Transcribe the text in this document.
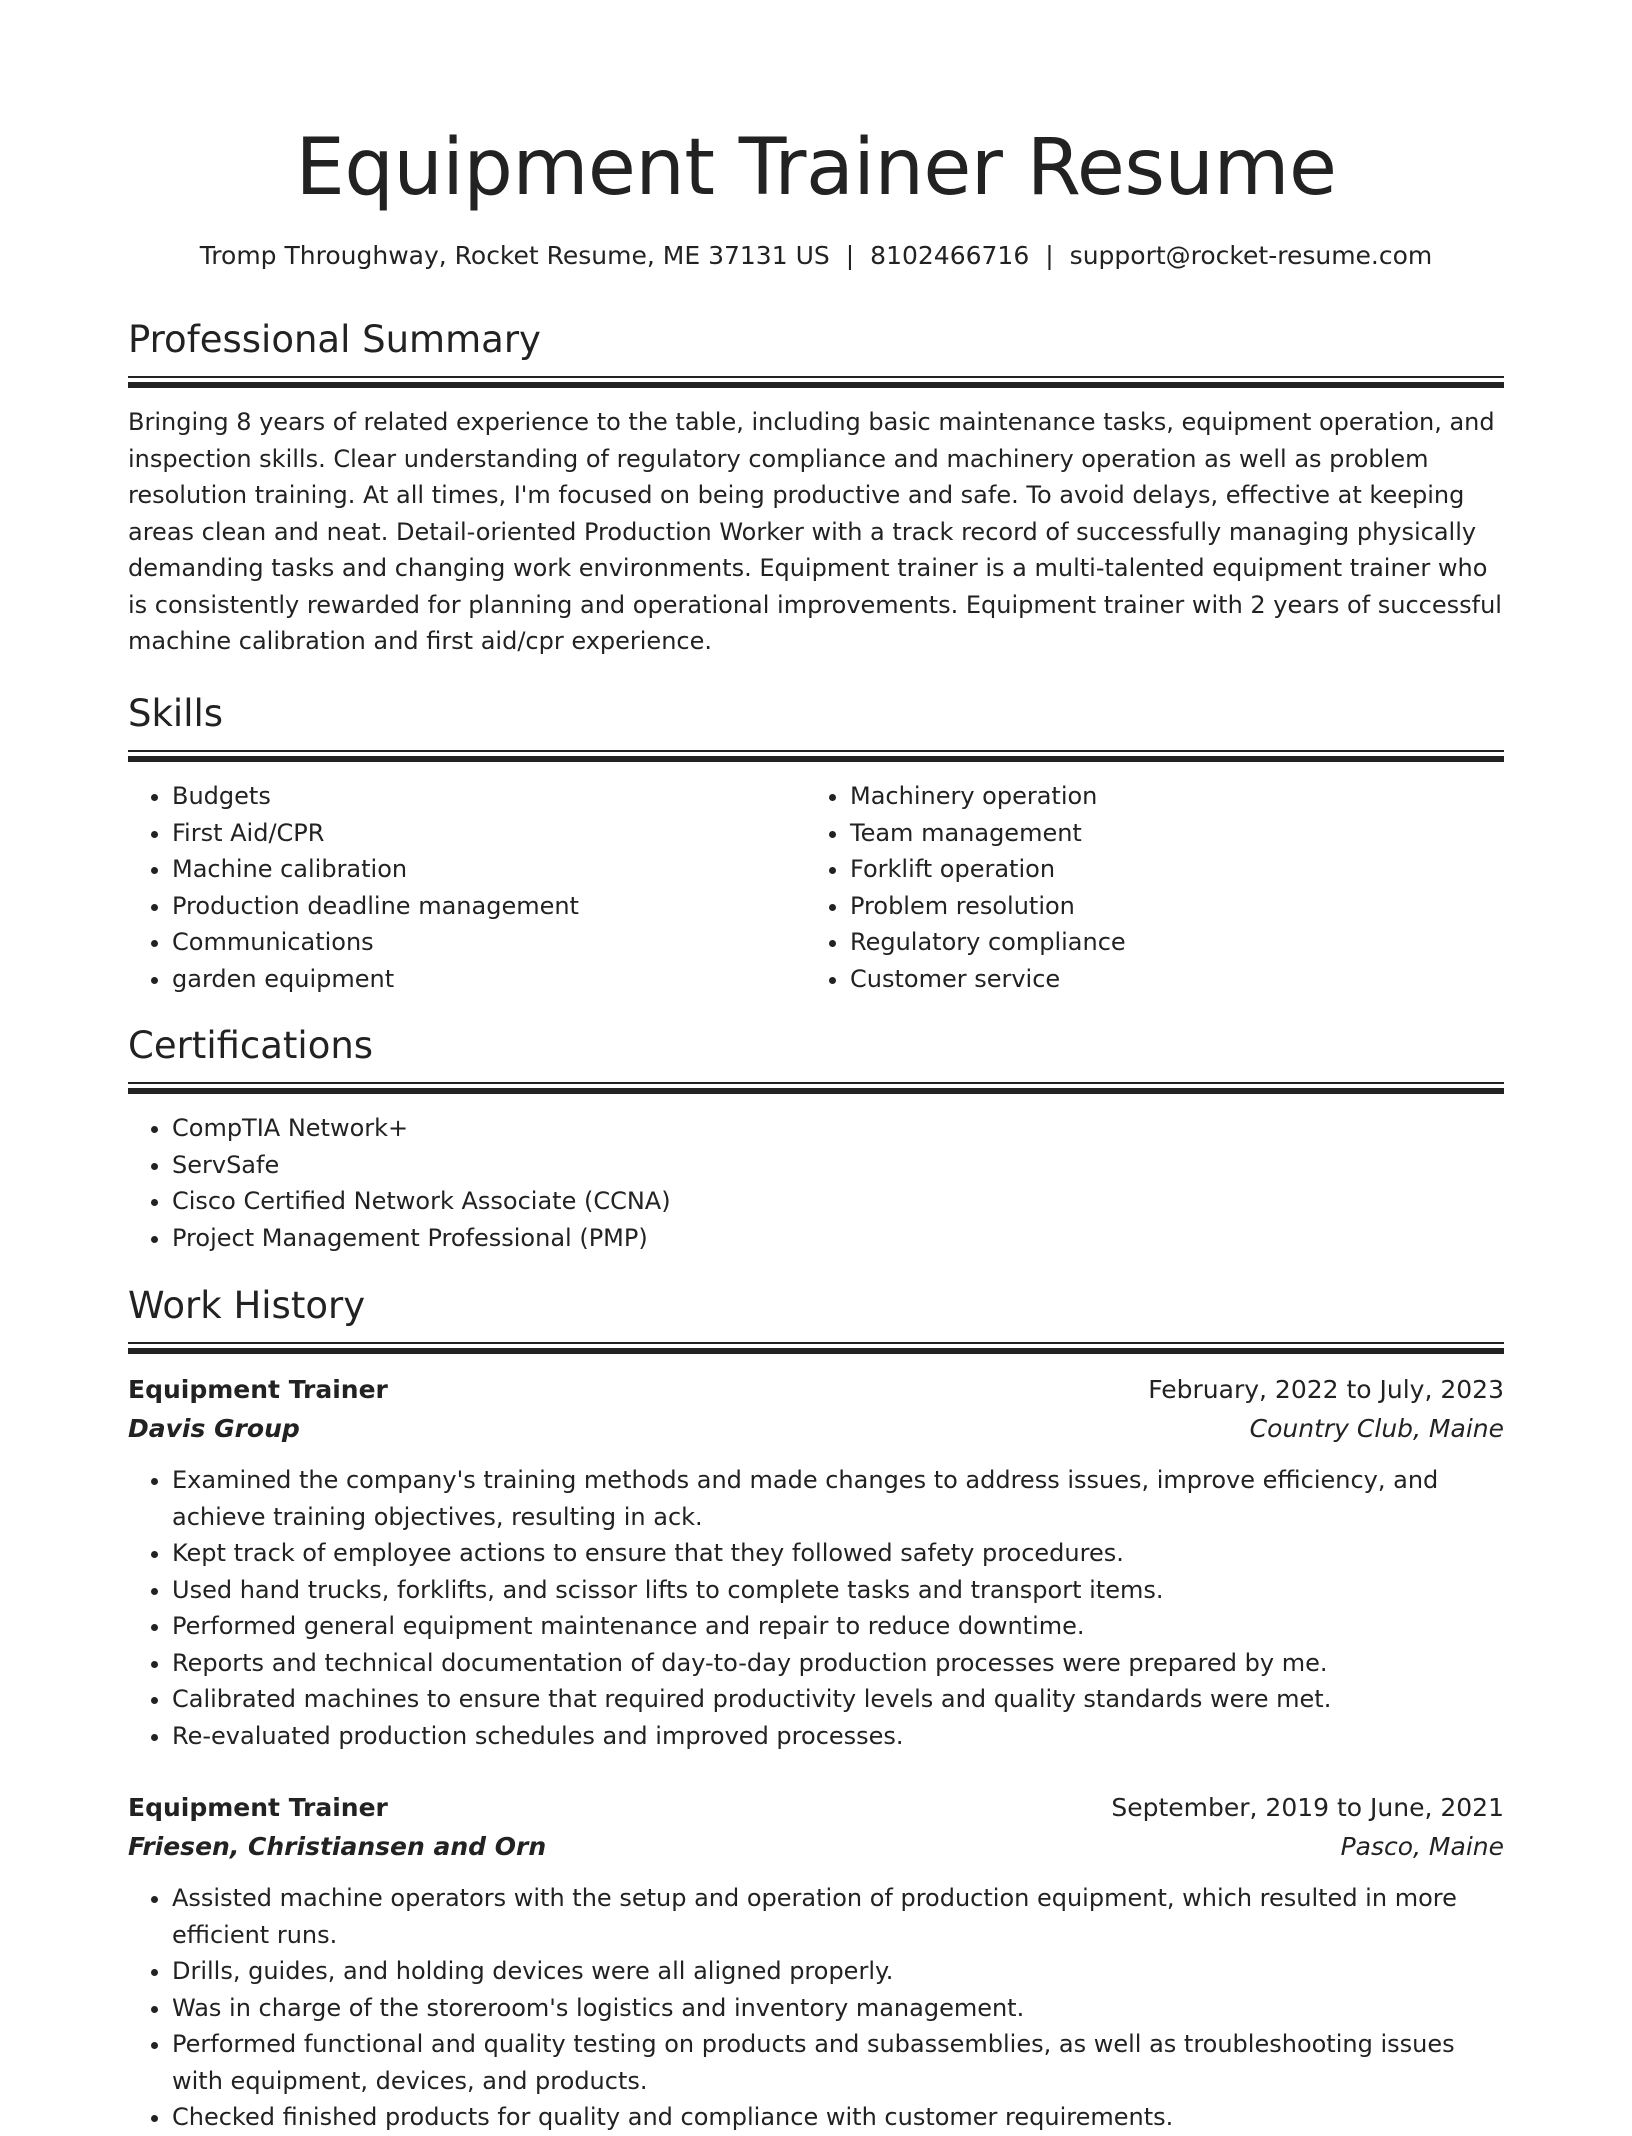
Equipment Trainer Resume
Tromp Throughway, Rocket Resume, ME 37131 US | 8102466716 | support@rocket-resume.com
Professional Summary

Bringing 8 years of related experience to the table, including basic maintenance tasks, equipment operation, and inspection skills. Clear understanding of regulatory compliance and machinery operation as well as problem resolution training. At all times, I'm focused on being productive and safe. To avoid delays, effective at keeping areas clean and neat. Detail-oriented Production Worker with a track record of successfully managing physically demanding tasks and changing work environments. Equipment trainer is a multi-talented equipment trainer who is consistently rewarded for planning and operational improvements. Equipment trainer with 2 years of successful machine calibration and first aid/cpr experience.

Skills
• Budgets
• First Aid/CPR
• Machine calibration
• Production deadline management
• Communications
• garden equipment
• Machinery operation
• Team management
• Forklift operation
• Problem resolution
• Regulatory compliance
• Customer service
Certifications
• CompTIA Network+
• ServSafe
• Cisco Certified Network Associate (CCNA)
• Project Management Professional (PMP)
Work History
Equipment Trainer	February, 2022 to July, 2023
Davis Group	Country Club, Maine
• Examined the company's training methods and made changes to address issues, improve efficiency, and achieve training objectives, resulting in ack.
• Kept track of employee actions to ensure that they followed safety procedures.
• Used hand trucks, forklifts, and scissor lifts to complete tasks and transport items.
• Performed general equipment maintenance and repair to reduce downtime.
• Reports and technical documentation of day-to-day production processes were prepared by me.
• Calibrated machines to ensure that required productivity levels and quality standards were met.
• Re-evaluated production schedules and improved processes.
Equipment Trainer	September, 2019 to June, 2021
Friesen, Christiansen and Orn	Pasco, Maine
• Assisted machine operators with the setup and operation of production equipment, which resulted in more efficient runs.
• Drills, guides, and holding devices were all aligned properly.
• Was in charge of the storeroom's logistics and inventory management.
• Performed functional and quality testing on products and subassemblies, as well as troubleshooting issues with equipment, devices, and products.
• Checked finished products for quality and compliance with customer requirements.
